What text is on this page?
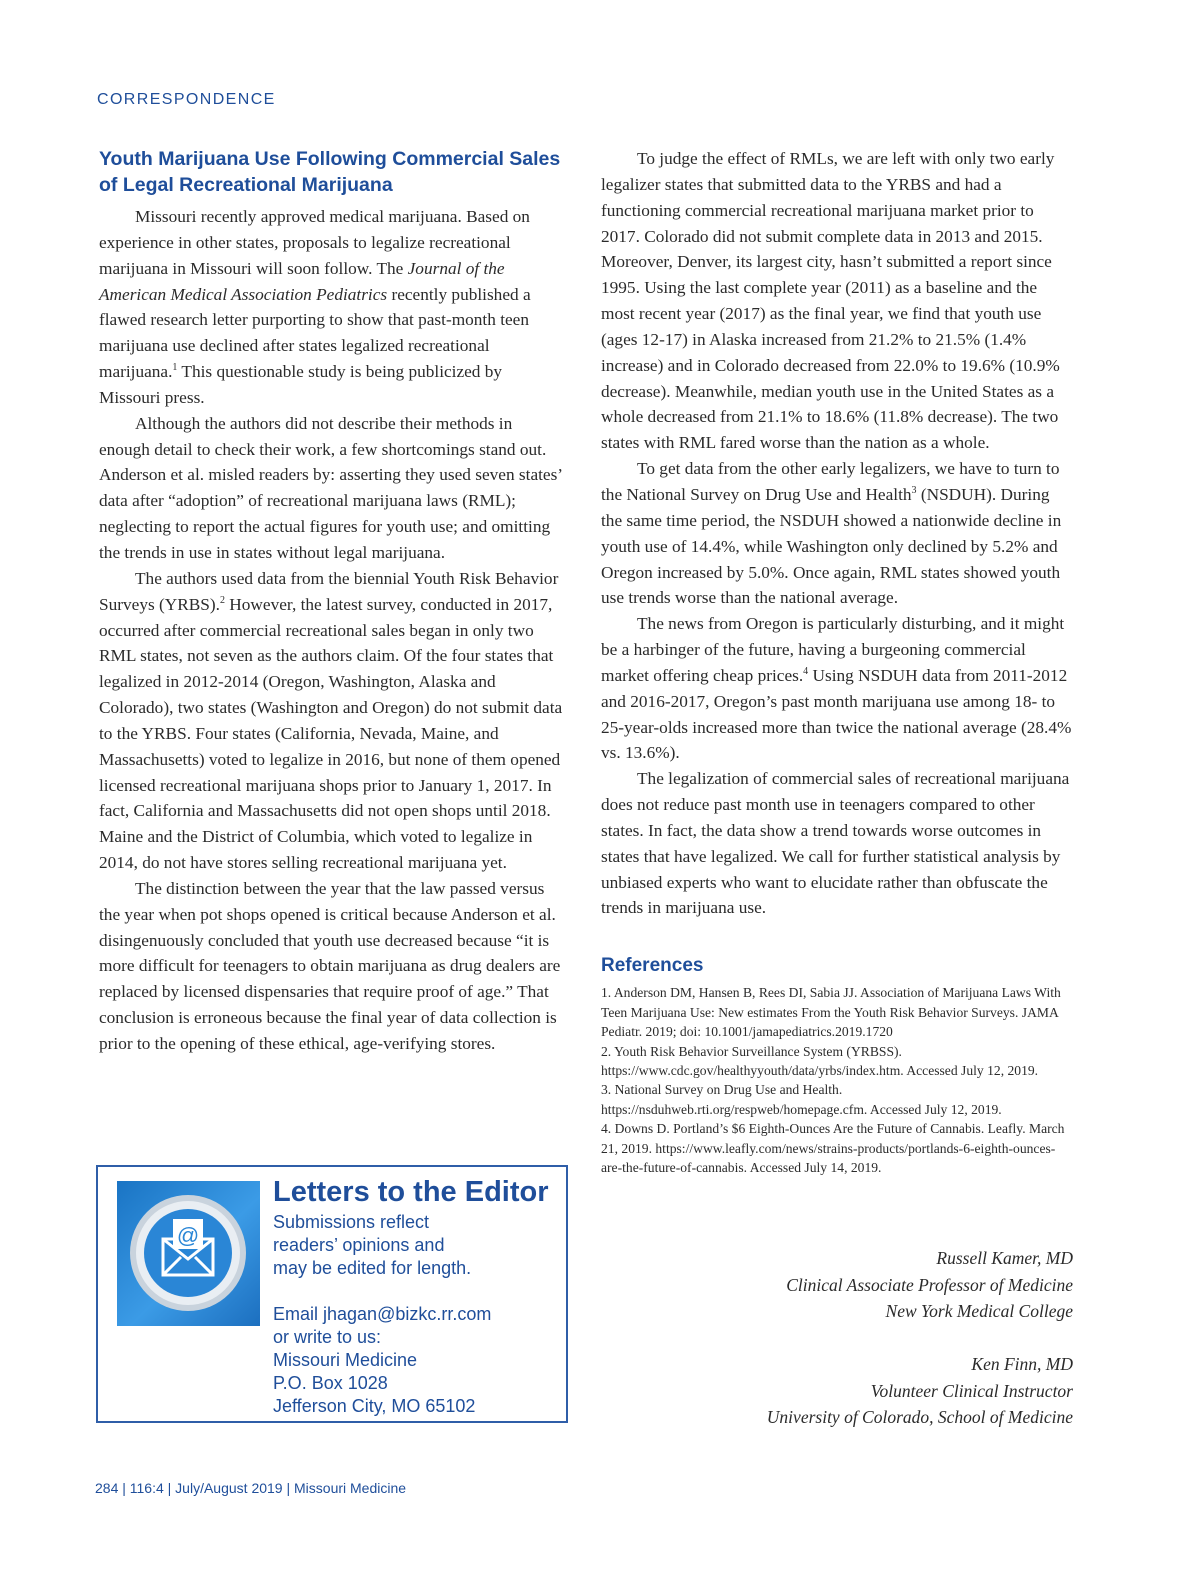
CORRESPONDENCE
Youth Marijuana Use Following Commercial Sales
of Legal Recreational Marijuana

Missouri recently approved medical marijuana. Based on experience in other states, proposals to legalize recreational marijuana in Missouri will soon follow. The Journal of the American Medical Association Pediatrics recently published a flawed research letter purporting to show that past-month teen marijuana use declined after states legalized recreational marijuana.$^1$ This questionable study is being publicized by Missouri press.

Although the authors did not describe their methods in enough detail to check their work, a few shortcomings stand out. Anderson et al. misled readers by: asserting they used seven states’ data after “adoption” of recreational marijuana laws (RML); neglecting to report the actual figures for youth use; and omitting the trends in use in states without legal marijuana.

The authors used data from the biennial Youth Risk Behavior Surveys (YRBS).$^2$ However, the latest survey, conducted in 2017, occurred after commercial recreational sales began in only two RML states, not seven as the authors claim. Of the four states that legalized in 2012-2014 (Oregon, Washington, Alaska and Colorado), two states (Washington and Oregon) do not submit data to the YRBS. Four states (California, Nevada, Maine, and Massachusetts) voted to legalize in 2016, but none of them opened licensed recreational marijuana shops prior to January 1, 2017. In fact, California and Massachusetts did not open shops until 2018. Maine and the District of Columbia, which voted to legalize in 2014, do not have stores selling recreational marijuana yet.

The distinction between the year that the law passed versus the year when pot shops opened is critical because Anderson et al. disingenuously concluded that youth use decreased because “it is more difficult for teenagers to obtain marijuana as drug dealers are replaced by licensed dispensaries that require proof of age.” That conclusion is erroneous because the final year of data collection is prior to the opening of these ethical, age-verifying stores.

To judge the effect of RMLs, we are left with only two early legalizer states that submitted data to the YRBS and had a functioning commercial recreational marijuana market prior to 2017. Colorado did not submit complete data in 2013 and 2015. Moreover, Denver, its largest city, hasn’t submitted a report since 1995. Using the last complete year (2011) as a baseline and the most recent year (2017) as the final year, we find that youth use (ages 12-17) in Alaska increased from 21.2% to 21.5% (1.4% increase) and in Colorado decreased from 22.0% to 19.6% (10.9% decrease). Meanwhile, median youth use in the United States as a whole decreased from 21.1% to 18.6% (11.8% decrease). The two states with RML fared worse than the nation as a whole.

To get data from the other early legalizers, we have to turn to the National Survey on Drug Use and Health$^3$ (NSDUH). During the same time period, the NSDUH showed a nationwide decline in youth use of 14.4%, while Washington only declined by 5.2% and Oregon increased by 5.0%. Once again, RML states showed youth use trends worse than the national average.

The news from Oregon is particularly disturbing, and it might be a harbinger of the future, having a burgeoning commercial market offering cheap prices.$^4$ Using NSDUH data from 2011-2012 and 2016-2017, Oregon’s past month marijuana use among 18- to 25-year-olds increased more than twice the national average (28.4% vs. 13.6%).

The legalization of commercial sales of recreational marijuana does not reduce past month use in teenagers compared to other states. In fact, the data show a trend towards worse outcomes in states that have legalized. We call for further statistical analysis by unbiased experts who want to elucidate rather than obfuscate the trends in marijuana use.

References

1. Anderson DM, Hansen B, Rees DI, Sabia JJ. Association of Marijuana Laws With Teen Marijuana Use: New estimates From the Youth Risk Behavior Surveys. JAMA Pediatr. 2019; doi: 10.1001/jamapediatrics.2019.1720

2. Youth Risk Behavior Surveillance System (YRBSS). https://www.cdc.gov/healthyyouth/data/yrbs/index.htm. Accessed July 12, 2019.

3. National Survey on Drug Use and Health. https://nsduhweb.rti.org/respweb/homepage.cfm. Accessed July 12, 2019.

4. Downs D. Portland’s $6 Eighth-Ounces Are the Future of Cannabis. Leafly. March 21, 2019. https://www.leafly.com/news/strains-products/portlands-6-eighth-ounces-are-the-future-of-cannabis. Accessed July 14, 2019.

Russell Kamer, MD

Clinical Associate Professor of Medicine

New York Medical College

Ken Finn, MD

Volunteer Clinical Instructor

University of Colorado, School of Medicine

@

Letters to the Editor

Submissions reflect

readers’ opinions and

may be edited for length.

Email jhagan@bizkc.rr.com

or write to us:

Missouri Medicine

P.O. Box 1028

Jefferson City, MO 65102

284 | 116:4 | July/August 2019 | Missouri Medicine
